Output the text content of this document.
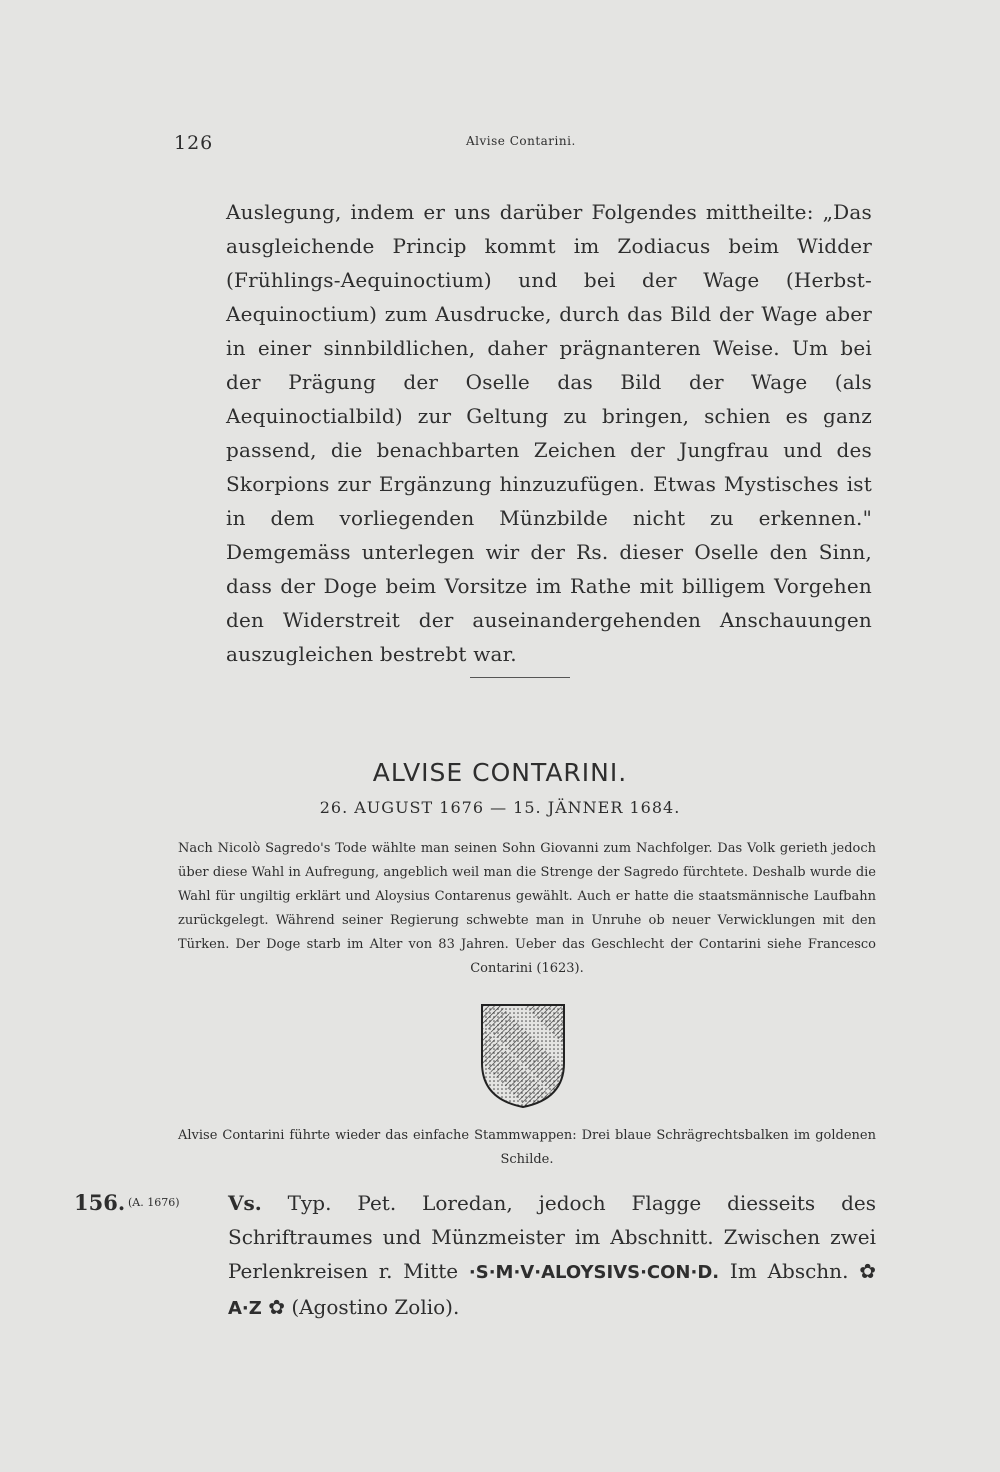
126	Alvise Contarini.

Auslegung, indem er uns darüber Folgendes mittheilte: „Das ausgleichende Princip kommt im Zodiacus beim Widder (Frühlings-Aequinoctium) und bei der Wage (Herbst-Aequinoctium) zum Ausdrucke, durch das Bild der Wage aber in einer sinnbildlichen, daher prägnanteren Weise. Um bei der Prägung der Oselle das Bild der Wage (als Aequinoctialbild) zur Geltung zu bringen, schien es ganz passend, die benachbarten Zeichen der Jungfrau und des Skorpions zur Ergänzung hinzuzufügen. Etwas Mystisches ist in dem vorliegenden Münzbilde nicht zu erkennen." Demgemäss unterlegen wir der Rs. dieser Oselle den Sinn, dass der Doge beim Vorsitze im Rathe mit billigem Vorgehen den Widerstreit der auseinandergehenden Anschauungen auszugleichen bestrebt war.

ALVISE CONTARINI.
26. AUGUST 1676 — 15. JÄNNER 1684.

Nach Nicolò Sagredo's Tode wählte man seinen Sohn Giovanni zum Nachfolger. Das Volk gerieth jedoch über diese Wahl in Aufregung, angeblich weil man die Strenge der Sagredo fürchtete. Deshalb wurde die Wahl für ungiltig erklärt und Aloysius Contarenus gewählt. Auch er hatte die staatsmännische Laufbahn zurückgelegt. Während seiner Regierung schwebte man in Unruhe ob neuer Verwicklungen mit den Türken. Der Doge starb im Alter von 83 Jahren. Ueber das Geschlecht der Contarini siehe Francesco Contarini (1623).

Alvise Contarini führte wieder das einfache Stammwappen: Drei blaue Schrägrechtsbalken im goldenen Schilde.

156. (A. 1676) Vs. Typ. Pet. Loredan, jedoch Flagge diesseits des Schriftraumes und Münzmeister im Abschnitt. Zwischen zwei Perlenkreisen r. Mitte ·S·M·V·ALOYSIVS·CON·D. Im Abschn. ✿ A·Z ✿ (Agostino Zolio).
